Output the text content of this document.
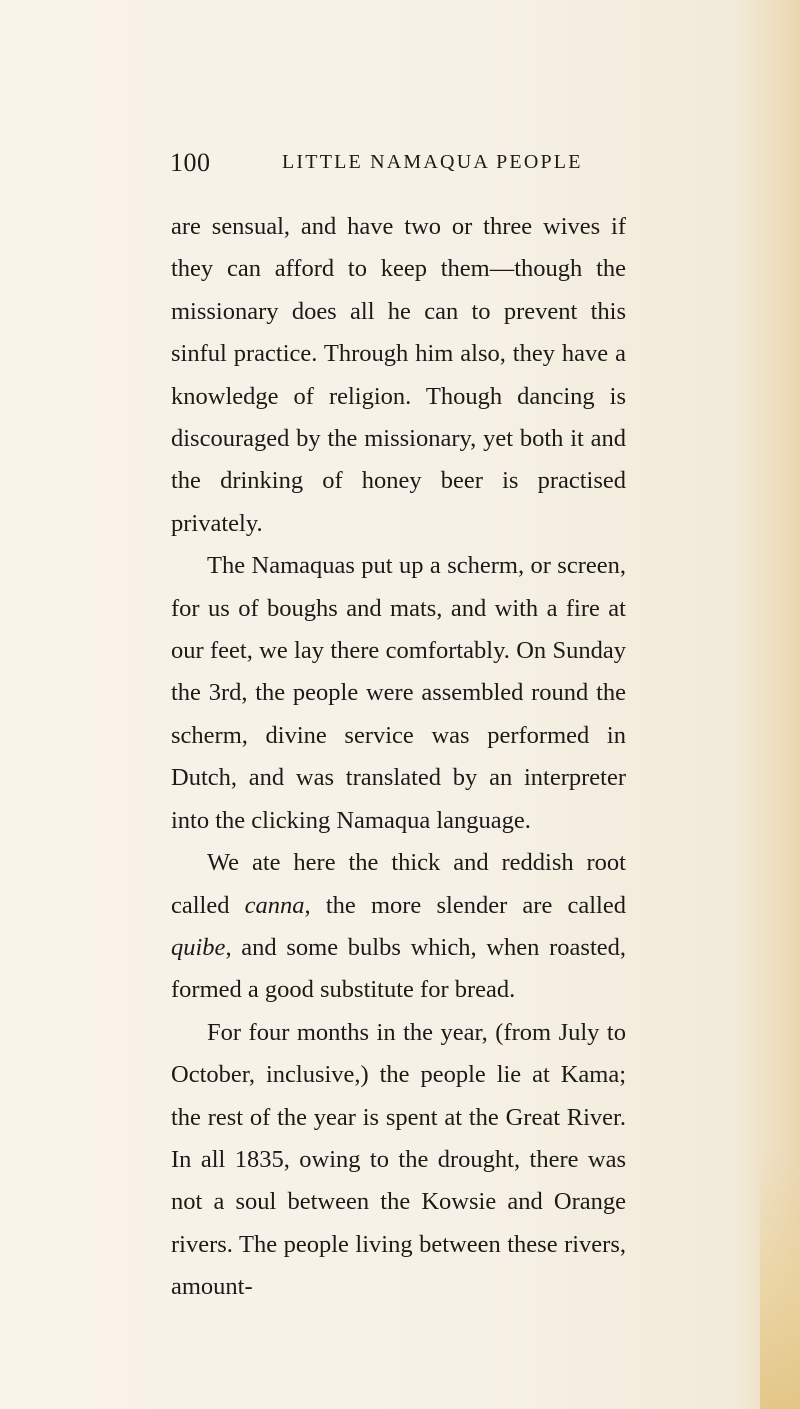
100	LITTLE NAMAQUA PEOPLE

are sensual, and have two or three wives if they can afford to keep them—though the missionary does all he can to prevent this sinful practice. Through him also, they have a knowledge of religion. Though dancing is discouraged by the missionary, yet both it and the drinking of honey beer is practised privately.

The Namaquas put up a scherm, or screen, for us of boughs and mats, and with a fire at our feet, we lay there comfortably. On Sunday the 3rd, the people were assembled round the scherm, divine service was performed in Dutch, and was translated by an interpreter into the clicking Namaqua language.

We ate here the thick and reddish root called canna, the more slender are called quibe, and some bulbs which, when roasted, formed a good substitute for bread.

For four months in the year, (from July to October, inclusive,) the people lie at Kama; the rest of the year is spent at the Great River. In all 1835, owing to the drought, there was not a soul between the Kowsie and Orange rivers. The people living between these rivers, amount-
